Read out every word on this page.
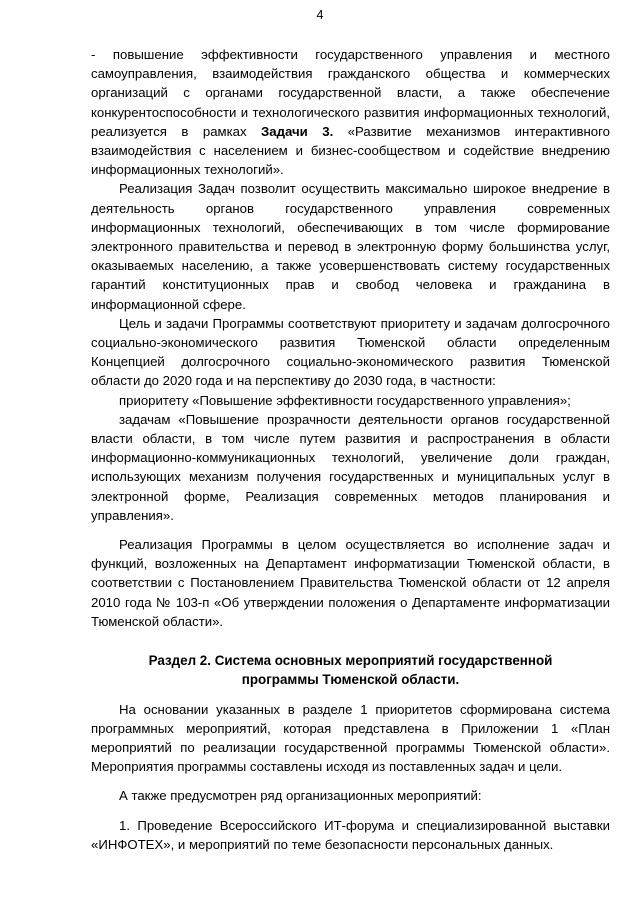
4

- повышение эффективности государственного управления и местного самоуправления, взаимодействия гражданского общества и коммерческих организаций с органами государственной власти, а также обеспечение конкурентоспособности и технологического развития информационных технологий, реализуется в рамках Задачи 3. «Развитие механизмов интерактивного взаимодействия с населением и бизнес-сообществом и содействие внедрению информационных технологий».

Реализация Задач позволит осуществить максимально широкое внедрение в деятельность органов государственного управления современных информационных технологий, обеспечивающих в том числе формирование электронного правительства и перевод в электронную форму большинства услуг, оказываемых населению, а также усовершенствовать систему государственных гарантий конституционных прав и свобод человека и гражданина в информационной сфере.

Цель и задачи Программы соответствуют приоритету и задачам долгосрочного социально-экономического развития Тюменской области определенным Концепцией долгосрочного социально-экономического развития Тюменской области до 2020 года и на перспективу до 2030 года, в частности:

приоритету «Повышение эффективности государственного управления»;

задачам «Повышение прозрачности деятельности органов государственной власти области, в том числе путем развития и распространения в области информационно-коммуникационных технологий, увеличение доли граждан, использующих механизм получения государственных и муниципальных услуг в электронной форме, Реализация современных методов планирования и управления».

Реализация Программы в целом осуществляется во исполнение задач и функций, возложенных на Департамент информатизации Тюменской области, в соответствии с Постановлением Правительства Тюменской области от 12 апреля 2010 года № 103-п «Об утверждении положения о Департаменте информатизации Тюменской области».

Раздел 2. Система основных мероприятий государственной
программы Тюменской области.

На основании указанных в разделе 1 приоритетов сформирована система программных мероприятий, которая представлена в Приложении 1 «План мероприятий по реализации государственной программы Тюменской области». Мероприятия программы составлены исходя из поставленных задач и цели.

А также предусмотрен ряд организационных мероприятий:

1. Проведение Всероссийского ИТ-форума и специализированной выставки «ИНФОТЕХ», и мероприятий по теме безопасности персональных данных.
